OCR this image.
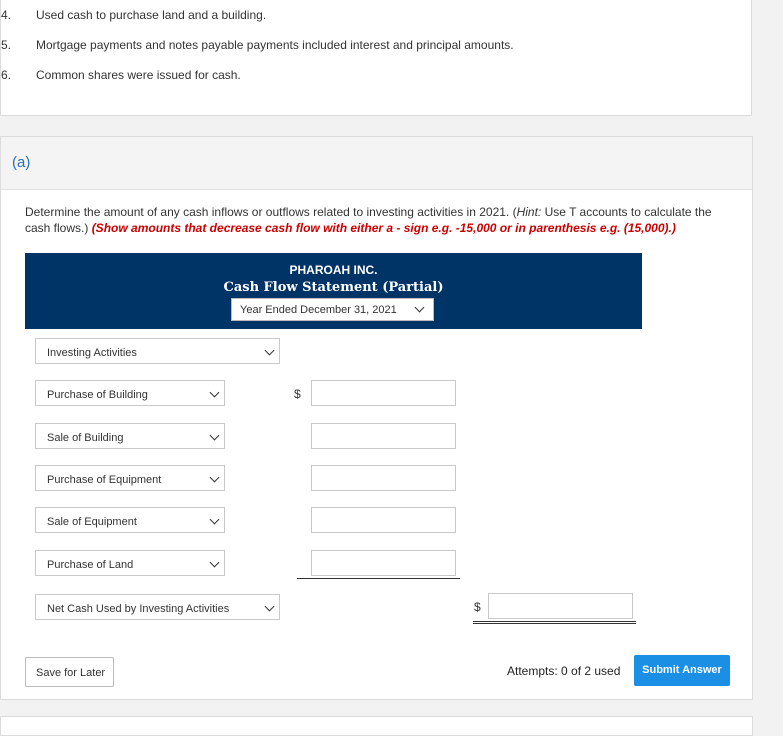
4.	Used cash to purchase land and a building.
5.	Mortgage payments and notes payable payments included interest and principal amounts.
6.	Common shares were issued for cash.
(a)
Determine the amount of any cash inflows or outflows related to investing activities in 2021. (Hint: Use T accounts to calculate the cash flows.) (Show amounts that decrease cash flow with either a - sign e.g. -15,000 or in parenthesis e.g. (15,000).)
PHAROAH INC.
Cash Flow Statement (Partial)
Year Ended December 31, 2021
Investing Activities
Purchase of Building	$
Sale of Building
Purchase of Equipment
Sale of Equipment
Purchase of Land
Net Cash Used by Investing Activities	$
Save for Later	Attempts: 0 of 2 used	Submit Answer
